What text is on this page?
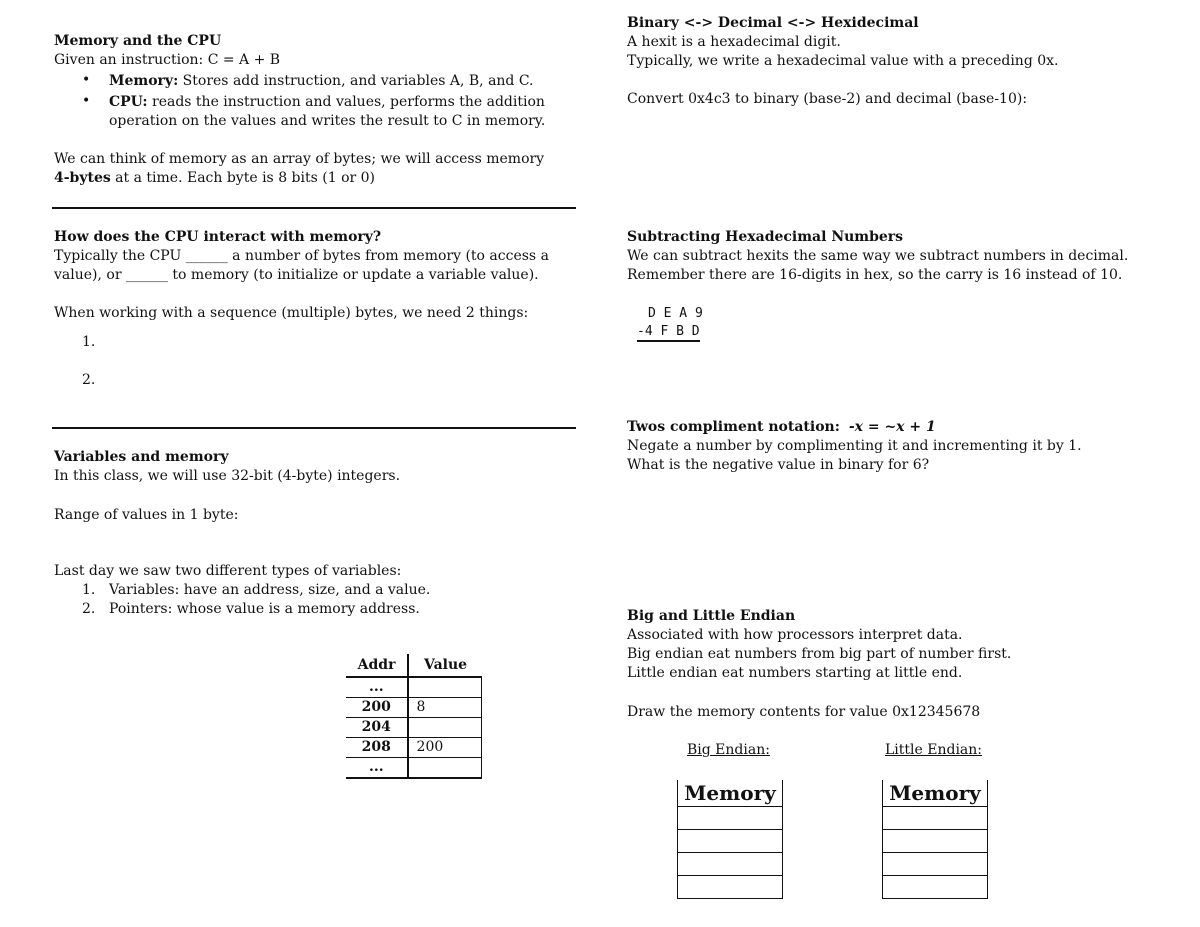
Memory and the CPU
Given an instruction: C = A + B
• Memory: Stores add instruction, and variables A, B, and C.
• CPU: reads the instruction and values, performs the addition
operation on the values and writes the result to C in memory.
We can think of memory as an array of bytes; we will access memory
4-bytes at a time. Each byte is 8 bits (1 or 0)
How does the CPU interact with memory?
Typically the CPU ______ a number of bytes from memory (to access a
value), or ______ to memory (to initialize or update a variable value).
When working with a sequence (multiple) bytes, we need 2 things:
1.
2.
Variables and memory
In this class, we will use 32-bit (4-byte) integers.
Range of values in 1 byte:
Last day we saw two different types of variables:
1. Variables: have an address, size, and a value.
2. Pointers: whose value is a memory address.
Addr	Value
...
200	8
204
208	200
...
Binary <-> Decimal <-> Hexidecimal
A hexit is a hexadecimal digit.
Typically, we write a hexadecimal value with a preceding 0x.
Convert 0x4c3 to binary (base-2) and decimal (base-10):
Subtracting Hexadecimal Numbers
We can subtract hexits the same way we subtract numbers in decimal.
Remember there are 16-digits in hex, so the carry is 16 instead of 10.
D E A 9
-4 F B D
Twos compliment notation: -x = ~x + 1
Negate a number by complimenting it and incrementing it by 1.
What is the negative value in binary for 6?
Big and Little Endian
Associated with how processors interpret data.
Big endian eat numbers from big part of number first.
Little endian eat numbers starting at little end.
Draw the memory contents for value 0x12345678
Big Endian:	Little Endian:
Memory	Memory
